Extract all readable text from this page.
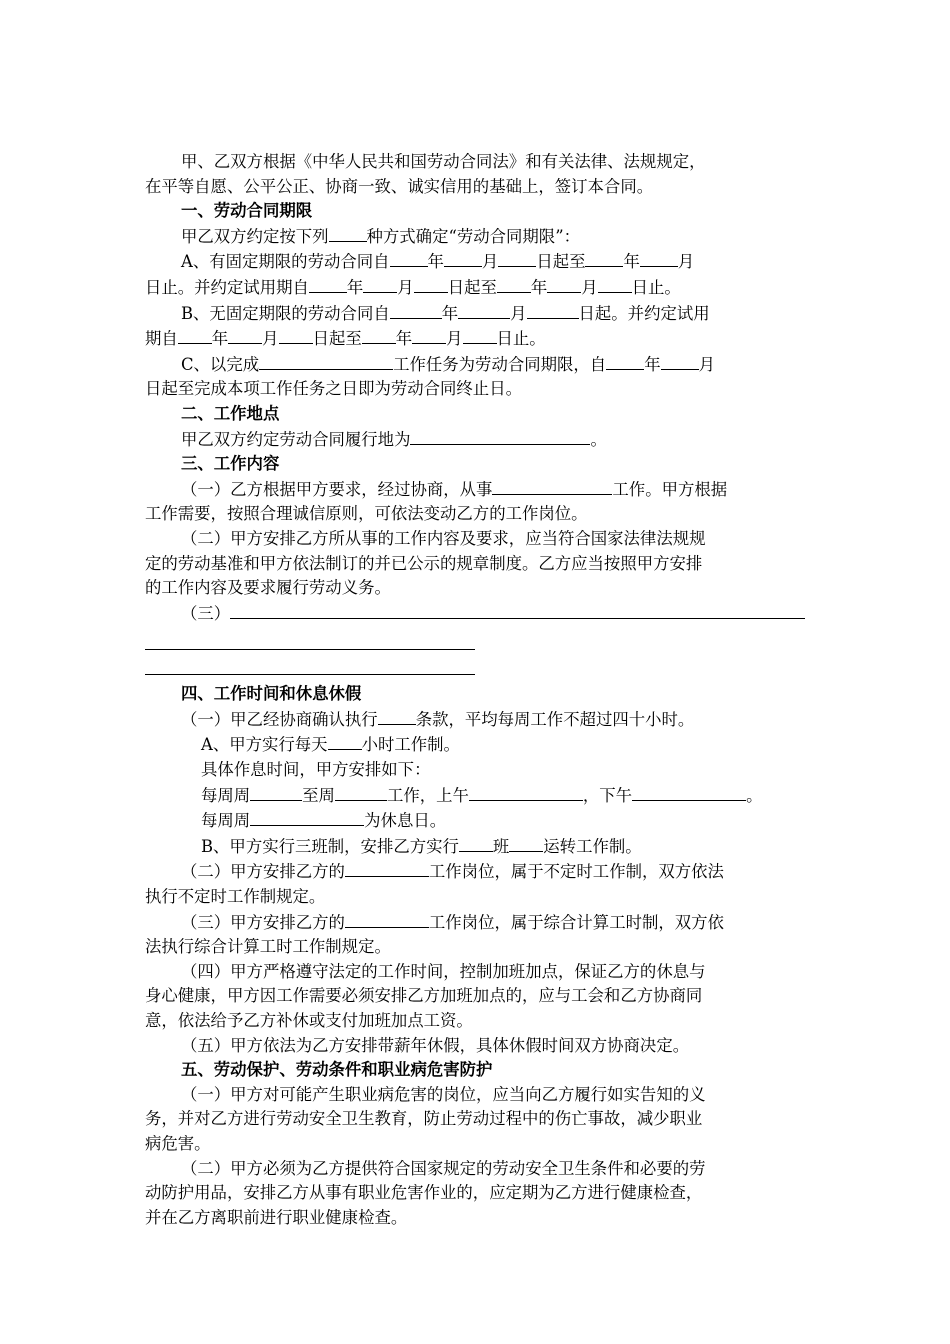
甲、乙双方根据《中华人民共和国劳动合同法》和有关法律、法规规定，

在平等自愿、公平公正、协商一致、诚实信用的基础上，签订本合同。

一、劳动合同期限

甲乙双方约定按下列 种方式确定“劳动合同期限”：

A、有固定期限的劳动合同自 年 月 日起至 年 月

日止。并约定试用期自 年 月 日起至 年 月 日止。

B、无固定期限的劳动合同自	年	月	日起。并约定试用

期自 年 月 日起至 年 月 日止。

C、以完成	工作任务为劳动合同期限，自 年 月

日起至完成本项工作任务之日即为劳动合同终止日。

二、工作地点

甲乙双方约定劳动合同履行地为	。

三、工作内容

（一）乙方根据甲方要求，经过协商，从事	工作。甲方根据

工作需要，按照合理诚信原则，可依法变动乙方的工作岗位。

（二）甲方安排乙方所从事的工作内容及要求，应当符合国家法律法规规

定的劳动基准和甲方依法制订的并已公示的规章制度。乙方应当按照甲方安排

的工作内容及要求履行劳动义务。

（三）

四、工作时间和休息休假

（一）甲乙经协商确认执行 条款，平均每周工作不超过四十小时。

A、甲方实行每天 小时工作制。

具体作息时间，甲方安排如下：

每周周	至周	工作，上午	，下午	。

每周周	为休息日。

B、甲方实行三班制，安排乙方实行 班 运转工作制。

（二）甲方安排乙方的	工作岗位，属于不定时工作制，双方依法

执行不定时工作制规定。

（三）甲方安排乙方的	工作岗位，属于综合计算工时制，双方依

法执行综合计算工时工作制规定。

（四）甲方严格遵守法定的工作时间，控制加班加点，保证乙方的休息与

身心健康，甲方因工作需要必须安排乙方加班加点的，应与工会和乙方协商同

意，依法给予乙方补休或支付加班加点工资。

（五）甲方依法为乙方安排带薪年休假，具体休假时间双方协商决定。

五、劳动保护、劳动条件和职业病危害防护

（一）甲方对可能产生职业病危害的岗位，应当向乙方履行如实告知的义

务，并对乙方进行劳动安全卫生教育，防止劳动过程中的伤亡事故，减少职业

病危害。

（二）甲方必须为乙方提供符合国家规定的劳动安全卫生条件和必要的劳

动防护用品，安排乙方从事有职业危害作业的，应定期为乙方进行健康检查，

并在乙方离职前进行职业健康检查。
